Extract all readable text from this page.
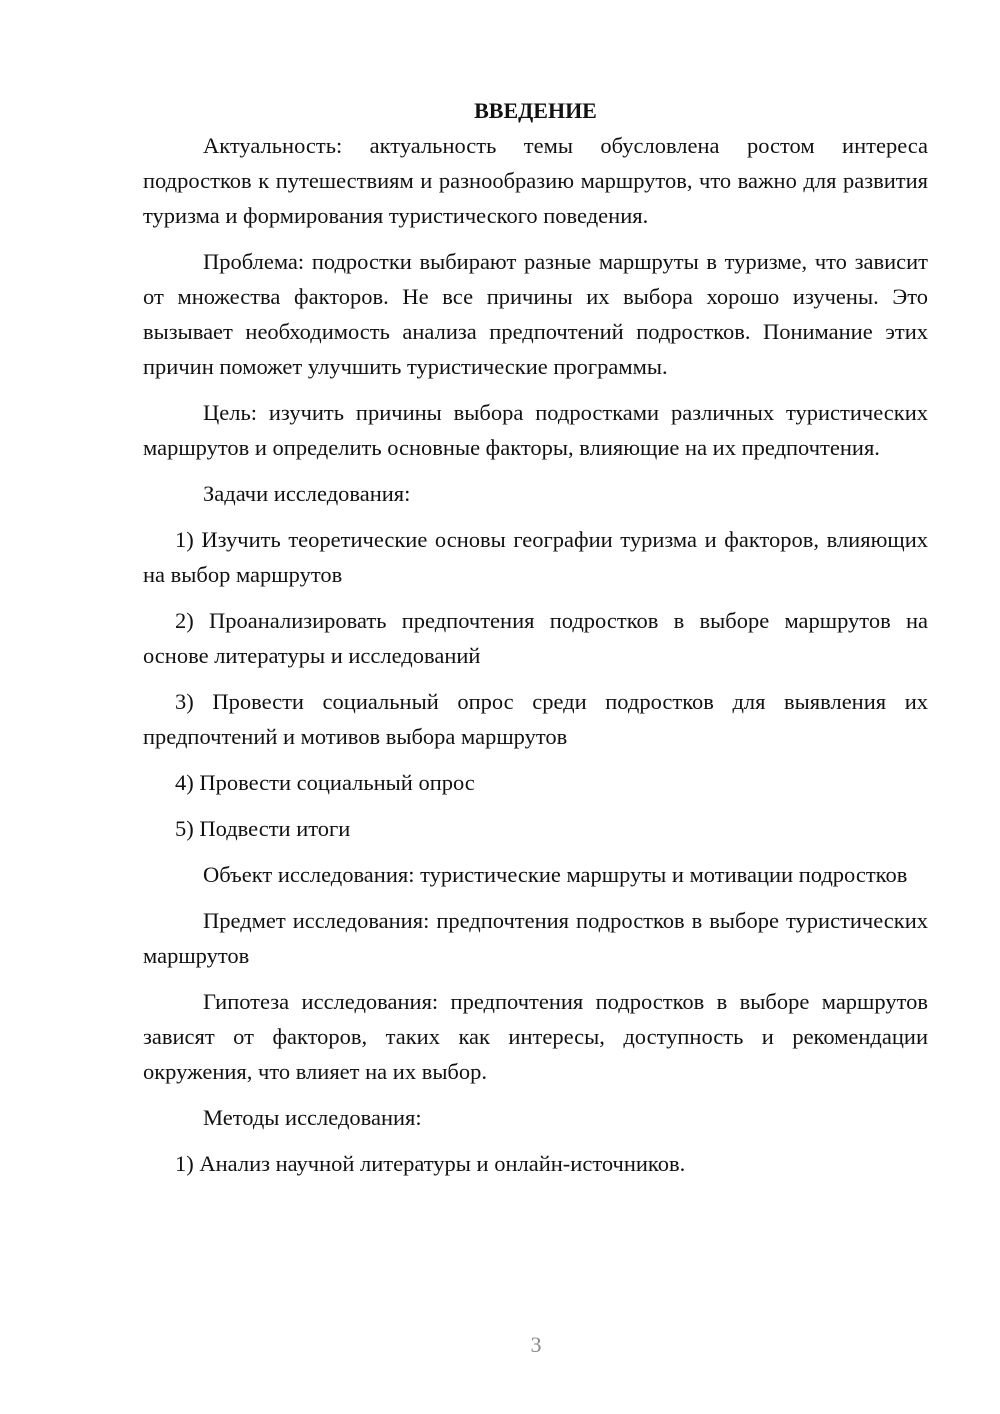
ВВЕДЕНИЕ

Актуальность: актуальность темы обусловлена ростом интереса подростков к путешествиям и разнообразию маршрутов, что важно для развития туризма и формирования туристического поведения.

Проблема: подростки выбирают разные маршруты в туризме, что зависит от множества факторов. Не все причины их выбора хорошо изучены. Это вызывает необходимость анализа предпочтений подростков. Понимание этих причин поможет улучшить туристические программы.

Цель: изучить причины выбора подростками различных туристических маршрутов и определить основные факторы, влияющие на их предпочтения.

Задачи исследования:

1) Изучить теоретические основы географии туризма и факторов, влияющих на выбор маршрутов

2) Проанализировать предпочтения подростков в выборе маршрутов на основе литературы и исследований

3) Провести социальный опрос среди подростков для выявления их предпочтений и мотивов выбора маршрутов

4) Провести социальный опрос

5) Подвести итоги

Объект исследования: туристические маршруты и мотивации подростков

Предмет исследования: предпочтения подростков в выборе туристических маршрутов

Гипотеза исследования: предпочтения подростков в выборе маршрутов зависят от факторов, таких как интересы, доступность и рекомендации окружения, что влияет на их выбор.

Методы исследования:

1) Анализ научной литературы и онлайн-источников.

3
